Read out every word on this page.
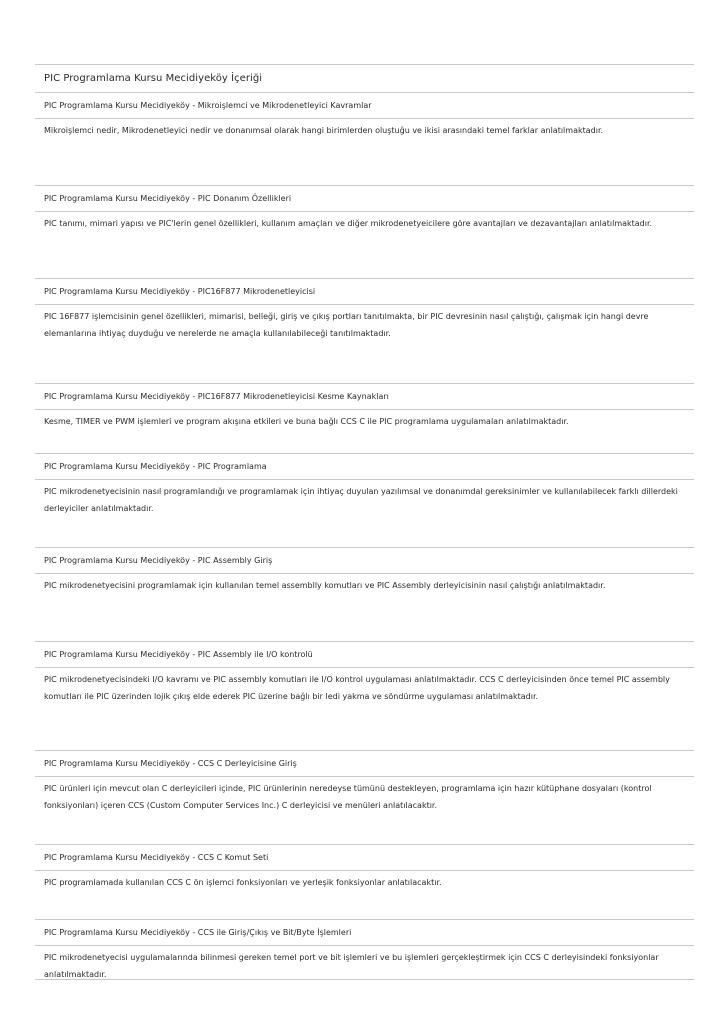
PIC Programlama Kursu Mecidiyeköy İçeriği
PIC Programlama Kursu Mecidiyeköy - Mikroişlemci ve Mikrodenetleyici Kavramlar
Mikroişlemci nedir, Mikrodenetleyici nedir ve donanımsal olarak hangi birimlerden oluştuğu ve ikisi arasındaki temel farklar anlatılmaktadır.
PIC Programlama Kursu Mecidiyeköy - PIC Donanım Özellikleri
PIC tanımı, mimari yapısı ve PIC'lerin genel özellikleri, kullanım amaçları ve diğer mikrodenetyeicilere göre avantajları ve dezavantajları anlatılmaktadır.
PIC Programlama Kursu Mecidiyeköy - PIC16F877 Mikrodenetleyicisi
PIC 16F877 işlemcisinin genel özellikleri, mimarisi, belleği, giriş ve çıkış portları tanıtılmakta, bir PIC devresinin nasıl çalıştığı, çalışmak için hangi devre elemanlarına ihtiyaç duyduğu ve nerelerde ne amaçla kullanılabileceği tanıtılmaktadır.
PIC Programlama Kursu Mecidiyeköy - PIC16F877 Mikrodenetleyicisi Kesme Kaynakları
Kesme, TIMER ve PWM işlemleri ve program akışına etkileri ve buna bağlı CCS C ile PIC programlama uygulamaları anlatılmaktadır.
PIC Programlama Kursu Mecidiyeköy - PIC Programlama
PIC mikrodenetyecisinin nasıl programlandığı ve programlamak için ihtiyaç duyulan yazılımsal ve donanımdal gereksinimler ve kullanılabilecek farklı dillerdeki derleyiciler anlatılmaktadır.
PIC Programlama Kursu Mecidiyeköy - PIC Assembly Giriş
PIC mikrodenetyecisini programlamak için kullanılan temel assemblly komutları ve PIC Assembly derleyicisinin nasıl çalıştığı anlatılmaktadır.
PIC Programlama Kursu Mecidiyeköy - PIC Assembly ile I/O kontrolü
PIC mikrodenetyecisindeki I/O kavramı ve PIC assembly komutları ile I/O kontrol uygulaması anlatılmaktadır. CCS C derleyicisinden önce temel PIC assembly komutları ile PIC üzerinden lojik çıkış elde ederek PIC üzerine bağlı bir ledi yakma ve söndürme uygulaması anlatılmaktadır.
PIC Programlama Kursu Mecidiyeköy - CCS C Derleyicisine Giriş
PIC ürünleri için mevcut olan C derleyicileri içinde, PIC ürünlerinin neredeyse tümünü destekleyen, programlama için hazır kütüphane dosyaları (kontrol fonksiyonları) içeren CCS (Custom Computer Services Inc.) C derleyicisi ve menüleri anlatılacaktır.
PIC Programlama Kursu Mecidiyeköy - CCS C Komut Seti
PIC programlamada kullanılan CCS C ön işlemci fonksiyonları ve yerleşik fonksiyonlar anlatılacaktır.
PIC Programlama Kursu Mecidiyeköy - CCS ile Giriş/Çıkış ve Bit/Byte İşlemleri
PIC mikrodenetyecisi uygulamalarında bilinmesi gereken temel port ve bit işlemleri ve bu işlemleri gerçekleştirmek için CCS C derleyisindeki fonksiyonlar anlatılmaktadır.
